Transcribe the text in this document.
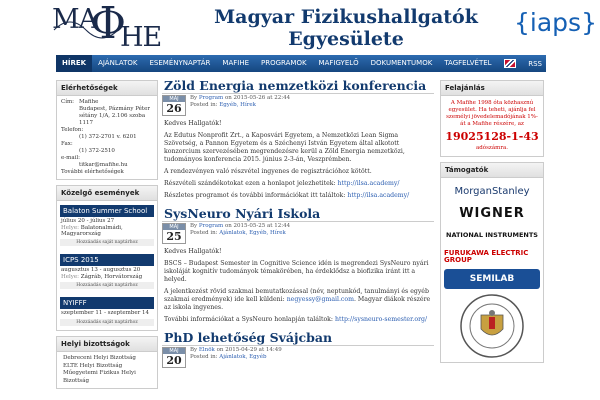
MA
Φ
HE
Magyar Fizikushallgatók
Egyesülete
{iaps}
HÍREK	AJÁNLATOK	ESEMÉNYNAPTÁR	MAFIHE	PROGRAMOK	MAFIGYELŐ	DOKUMENTUMOK	TAGFELVÉTEL	RSS
Elérhetőségek
Cím: Mafihe
Budapest, Pázmány Péter
sétány 1/A, 2.106 szoba
1117
Telefon:
(1) 372-2701 v. 6201
Fax:
(1) 372-2510
e-mail:
titkar@mafihe.hu
További elérhetőségek
Közelgő események
Balaton Summer School
július 20 - július 27
Helye: Balatonalmádi, Magyarország
Hozzáadás saját naptárhoz
ICPS 2015
augusztus 13 - augusztus 20
Helye: Zágráb, Horvátország
Hozzáadás saját naptárhoz
NYIFFF
szeptember 11 - szeptember 14
Hozzáadás saját naptárhoz
Helyi bizottságok
Debreceni Helyi Bizottság
ELTE Helyi Bizottság
Műegyetemi Fizikus Helyi
Bizottság
Zöld Energia nemzetközi konferencia
MÁJ
26
By Program on 2015-05-26 at 22:44
Posted in: Egyéb, Hírek

Kedves Hallgatók!

Az Edutus Nonprofit Zrt., a Kaposvári Egyetem, a Nemzetközi Lean Sigma Szövetség, a Pannon Egyetem és a Széchenyi István Egyetem által alkotott konzorcium szervezésében megrendezésre kerül a Zöld Energia nemzetközi, tudományos konferencia 2015. június 2-3-án, Veszprémben.

A rendezvényen való részvétel ingyenes de regisztrációhoz kötött.

Részvételi szándékotokat ezen a honlapot jelezhetitek: http://ilsa.academy/

Részletes programot és további információkat itt találtok: http://ilsa.academy/

SysNeuro Nyári Iskola
MÁJ
25
By Program on 2015-05-25 at 12:44
Posted in: Ajánlatok, Egyéb, Hírek

Kedves Hallgatók!

BSCS – Budapest Semester in Cognitive Science idén is megrendezi SysNeuro nyári iskoláját kognitív tudományok témakörében, ha érdeklődsz a biofizika iránt itt a helyed.

A jelentkezést rövid szakmai bemutatkozással (név, neptunkód, tanulmányi és egyéb szakmai eredmények) ide kell küldeni: negyessy@gmail.com. Magyar diákok részére az iskola ingyenes.

További információkat a SysNeuro honlapján találtok: http://sysneuro-semester.org/

PhD lehetőség Svájcban
MÁJ
20
By Elnök on 2015-04-29 at 14:49
Posted in: Ajánlatok, Egyéb
Felajánlás
A Mafihe 1998 óta közhasznú egyesület. Ha teheti, ajánlja fel személyi jövedelemadójának 1%-át a Mafihe részére, az
19025128-1-43
adószámra.
Támogatók
MorganStanley
WIGNER
NATIONAL INSTRUMENTS
FURUKAWA ELECTRIC GROUP
SEMILAB
